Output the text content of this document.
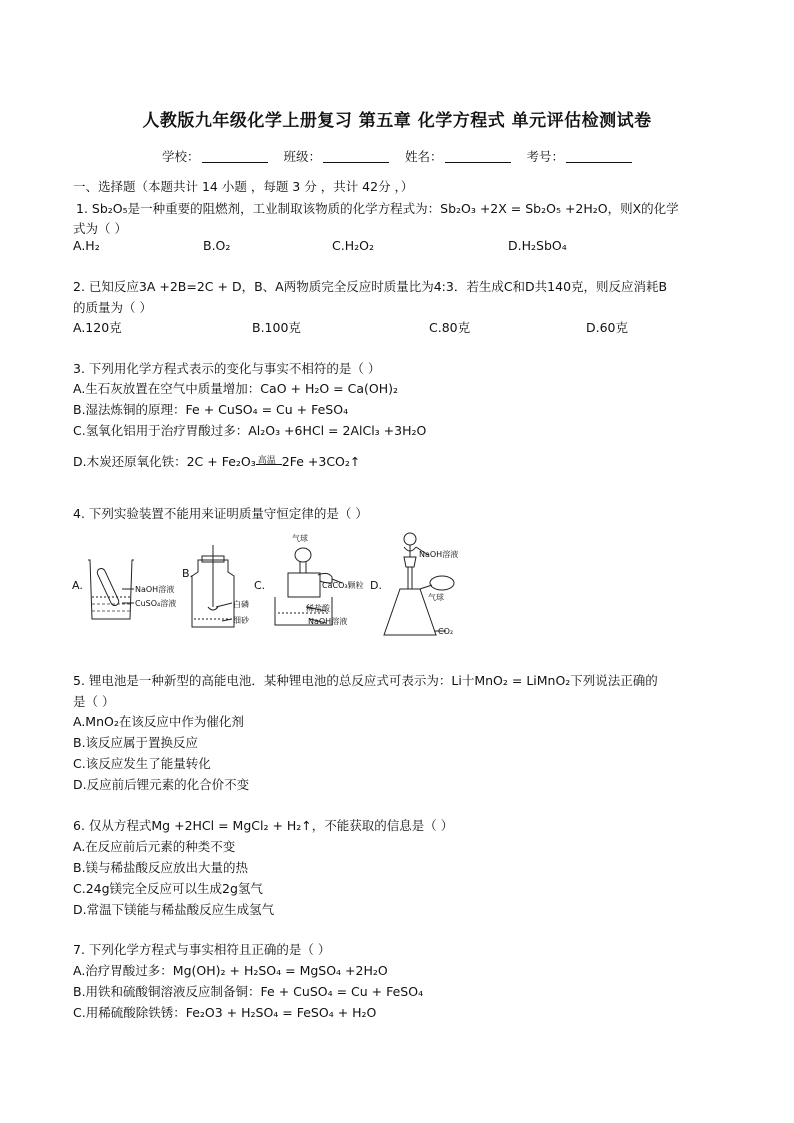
人教版九年级化学上册复习 第五章 化学方程式 单元评估检测试卷
学校：	班级：	姓名：	考号：
一、选择题（本题共计 14 小题 ，每题 3 分 ，共计 42分 ，）
1. Sb₂O₅是一种重要的阻燃剂，工业制取该物质的化学方程式为：Sb₂O₃ +2X = Sb₂O₅ +2H₂O，则X的化学
式为（ ）
A.H₂	B.O₂	C.H₂O₂	D.H₂SbO₄
2. 已知反应3A +2B=2C + D，B、A两物质完全反应时质量比为4:3．若生成C和D共140克，则反应消耗B
的质量为（ ）
A.120克	B.100克	C.80克	D.60克
3. 下列用化学方程式表示的变化与事实不相符的是（ ）
A.生石灰放置在空气中质量增加：CaO + H₂O = Ca(OH)₂
B.湿法炼铜的原理：Fe + CuSO₄ = Cu + FeSO₄
C.氢氧化铝用于治疗胃酸过多：Al₂O₃ +6HCl = 2AlCl₃ +3H₂O
D.木炭还原氧化铁：2C + Fe₂O₃ 高温 2Fe +3CO₂↑
4. 下列实验装置不能用来证明质量守恒定律的是（ ）
A.	NaOH溶液
CuSO₄溶液
B.
白磷
细砂
C.
气球
CaCO₃颗粒
稀盐酸
NaOH溶液
D.
NaOH溶液
气球
CO₂
5. 锂电池是一种新型的高能电池．某种锂电池的总反应式可表示为：Li十MnO₂ = LiMnO₂下列说法正确的
是（ ）
A.MnO₂在该反应中作为催化剂
B.该反应属于置换反应
C.该反应发生了能量转化
D.反应前后锂元素的化合价不变
6. 仅从方程式Mg +2HCl = MgCl₂ + H₂↑，不能获取的信息是（ ）
A.在反应前后元素的种类不变
B.镁与稀盐酸反应放出大量的热
C.24g镁完全反应可以生成2g氢气
D.常温下镁能与稀盐酸反应生成氢气
7. 下列化学方程式与事实相符且正确的是（ ）
A.治疗胃酸过多：Mg(OH)₂ + H₂SO₄ = MgSO₄ +2H₂O
B.用铁和硫酸铜溶液反应制备铜：Fe + CuSO₄ = Cu + FeSO₄
C.用稀硫酸除铁锈：Fe₂O3 + H₂SO₄ = FeSO₄ + H₂O
